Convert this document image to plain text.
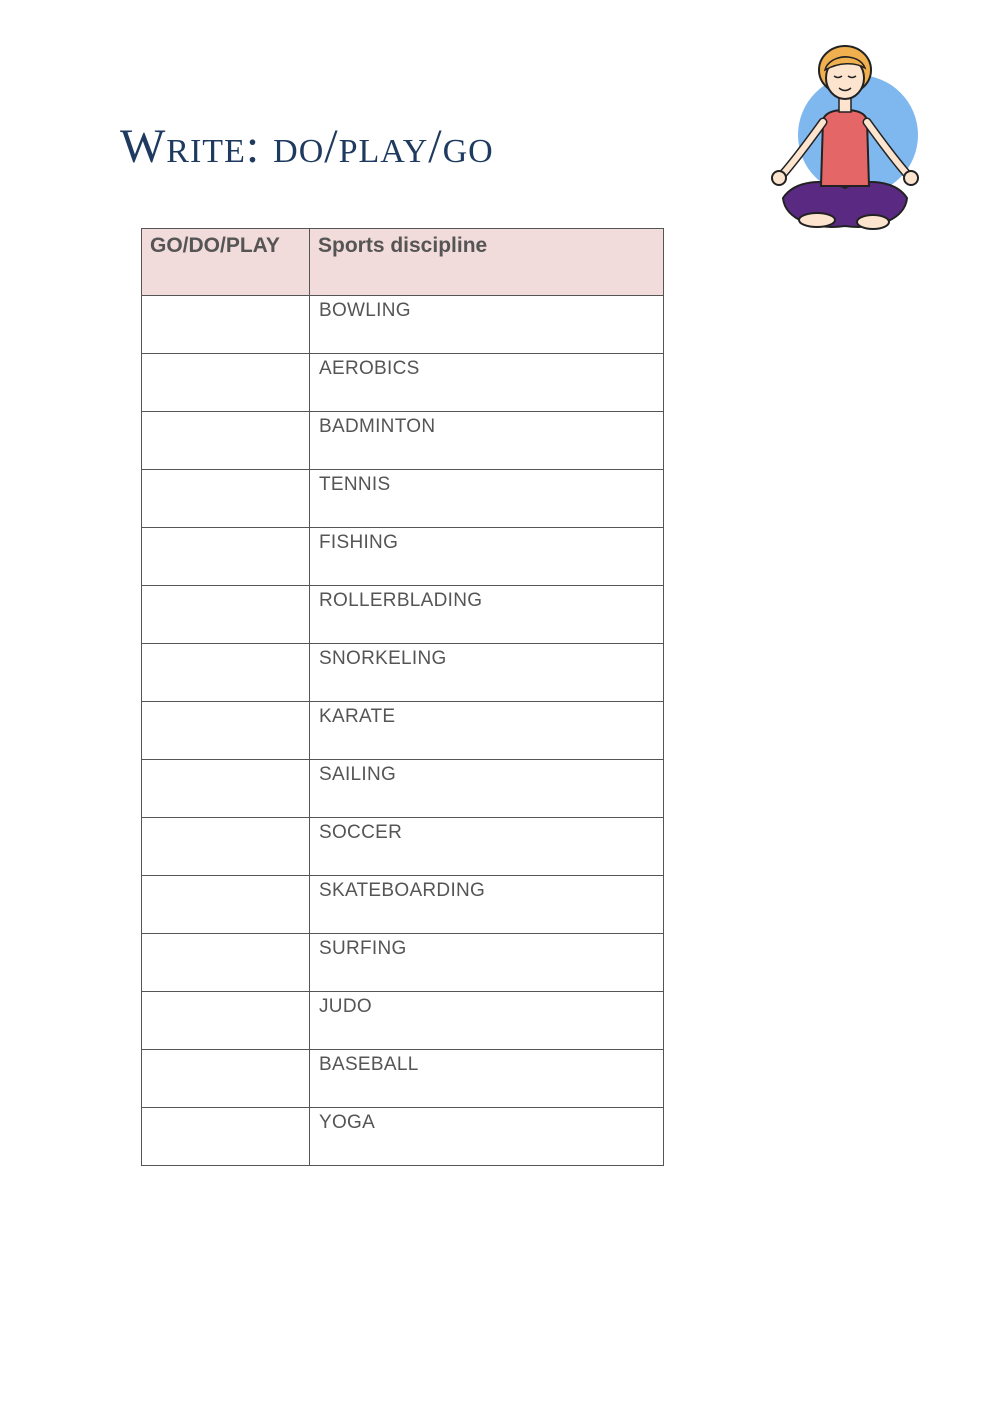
Write: do/play/go
GO/DO/PLAY	Sports discipline

BOWLING

AEROBICS

BADMINTON

TENNIS

FISHING

ROLLERBLADING

SNORKELING

KARATE

SAILING

SOCCER

SKATEBOARDING

SURFING

JUDO

BASEBALL

YOGA
